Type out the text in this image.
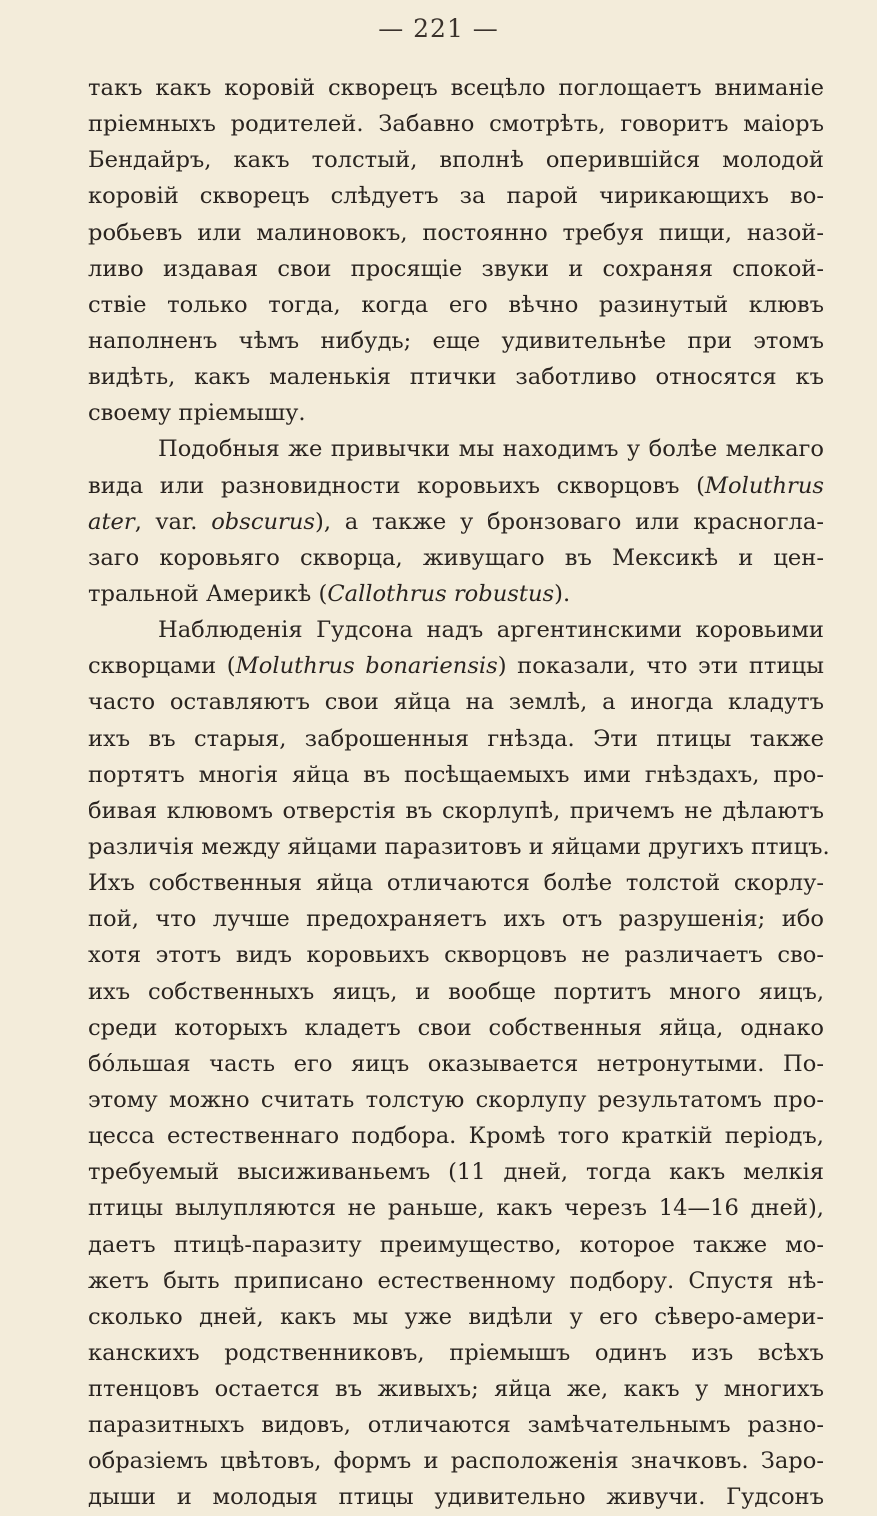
— 221 —
такъ какъ коровій скворецъ всецѣло поглощаетъ вниманіе
пріемныхъ родителей. Забавно смотрѣть, говоритъ маіоръ
Бендайръ, какъ толстый, вполнѣ оперившійся молодой
коровій скворецъ слѣдуетъ за парой чирикающихъ во-
робьевъ или малиновокъ, постоянно требуя пищи, назой-
ливо издавая свои просящіе звуки и сохраняя спокой-
ствіе только тогда, когда его вѣчно разинутый клювъ
наполненъ чѣмъ нибудь; еще удивительнѣе при этомъ
видѣть, какъ маленькія птички заботливо относятся къ
своему пріемышу.
Подобныя же привычки мы находимъ у болѣе мелкаго
вида или разновидности коровьихъ скворцовъ (Moluthrus
ater, var. obscurus), а также у бронзоваго или красногла-
заго коровьяго скворца, живущаго въ Мексикѣ и цен-
тральной Америкѣ (Callothrus robustus).
Наблюденія Гудсона надъ аргентинскими коровьими
скворцами (Moluthrus bonariensis) показали, что эти птицы
часто оставляютъ свои яйца на землѣ, а иногда кладутъ
ихъ въ старыя, заброшенныя гнѣзда. Эти птицы также
портятъ многія яйца въ посѣщаемыхъ ими гнѣздахъ, про-
бивая клювомъ отверстія въ скорлупѣ, причемъ не дѣлаютъ
различія между яйцами паразитовъ и яйцами другихъ птицъ.
Ихъ собственныя яйца отличаются болѣе толстой скорлу-
пой, что лучше предохраняетъ ихъ отъ разрушенія; ибо
хотя этотъ видъ коровьихъ скворцовъ не различаетъ сво-
ихъ собственныхъ яицъ, и вообще портитъ много яицъ,
среди которыхъ кладетъ свои собственныя яйца, однако
бóльшая часть его яицъ оказывается нетронутыми. По-
этому можно считать толстую скорлупу результатомъ про-
цесса естественнаго подбора. Кромѣ того краткій періодъ,
требуемый высиживаньемъ (11 дней, тогда какъ мелкія
птицы вылупляются не раньше, какъ черезъ 14—16 дней),
даетъ птицѣ-паразиту преимущество, которое также мо-
жетъ быть приписано естественному подбору. Спустя нѣ-
сколько дней, какъ мы уже видѣли у его сѣверо-амери-
канскихъ родственниковъ, пріемышъ одинъ изъ всѣхъ
птенцовъ остается въ живыхъ; яйца же, какъ у многихъ
паразитныхъ видовъ, отличаются замѣчательнымъ разно-
образіемъ цвѣтовъ, формъ и расположенія значковъ. Заро-
дыши и молодыя птицы удивительно живучи. Гудсонъ
